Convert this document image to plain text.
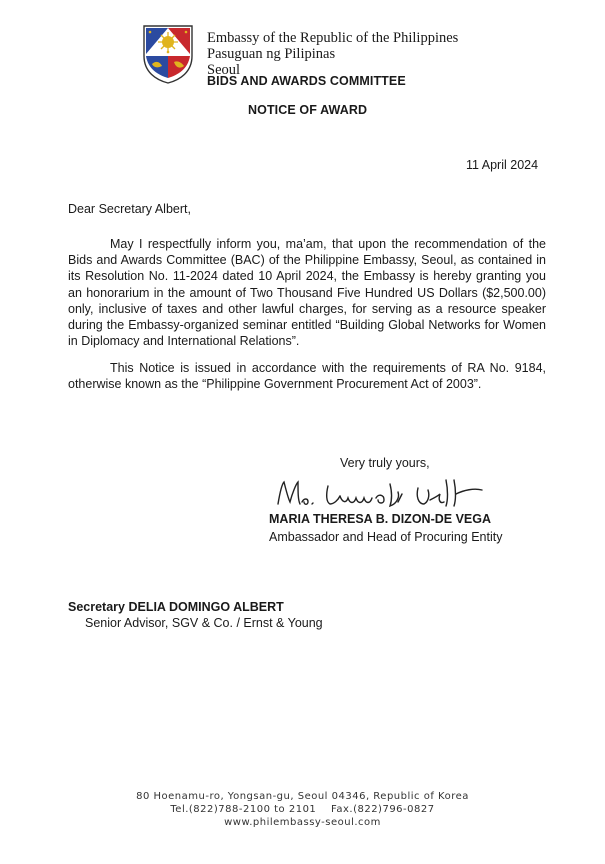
Embassy of the Republic of the Philippines
Pasuguan ng Pilipinas
Seoul
BIDS AND AWARDS COMMITTEE
NOTICE OF AWARD
11 April 2024
Dear Secretary Albert,
May I respectfully inform you, ma’am, that upon the recommendation of the Bids and Awards Committee (BAC) of the Philippine Embassy, Seoul, as contained in its Resolution No. 11-2024 dated 10 April 2024, the Embassy is hereby granting you an honorarium in the amount of Two Thousand Five Hundred US Dollars ($2,500.00) only, inclusive of taxes and other lawful charges, for serving as a resource speaker during the Embassy-organized seminar entitled “Building Global Networks for Women in Diplomacy and International Relations”.
This Notice is issued in accordance with the requirements of RA No. 9184, otherwise known as the “Philippine Government Procurement Act of 2003”.
Very truly yours,
MARIA THERESA B. DIZON-DE VEGA
Ambassador and Head of Procuring Entity
Secretary DELIA DOMINGO ALBERT
Senior Advisor, SGV & Co. / Ernst & Young
80 Hoenamu-ro, Yongsan-gu, Seoul 04346, Republic of Korea
Tel.(822)788-2100 to 2101    Fax.(822)796-0827
www.philembassy-seoul.com
